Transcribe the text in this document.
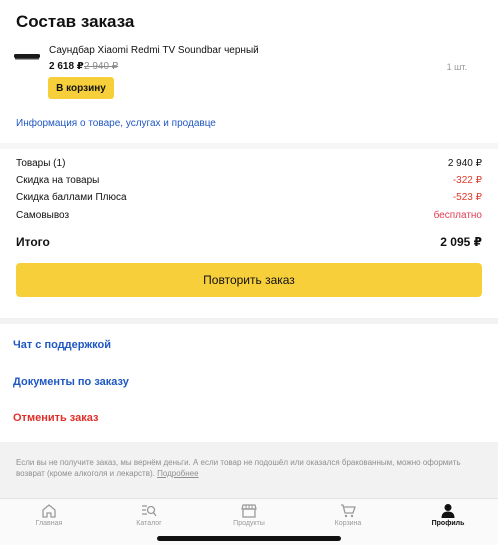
Состав заказа
Саундбар Xiaomi Redmi TV Soundbar черный
2 618 ₽ 2 940 ₽	1 шт.
В корзину
Информация о товаре, услугах и продавце
Товары (1)	2 940 ₽
Скидка на товары	-322 ₽
Скидка баллами Плюса	-523 ₽
Самовывоз	бесплатно
Итого	2 095 ₽
Повторить заказ
Чат с поддержкой
Документы по заказу
Отменить заказ
Если вы не получите заказ, мы вернём деньги. А если товар не подошёл или оказался бракованным, можно оформить возврат (кроме алкоголя и лекарств). Подробнее
Главная	Каталог	Продукты	Корзина	Профиль
